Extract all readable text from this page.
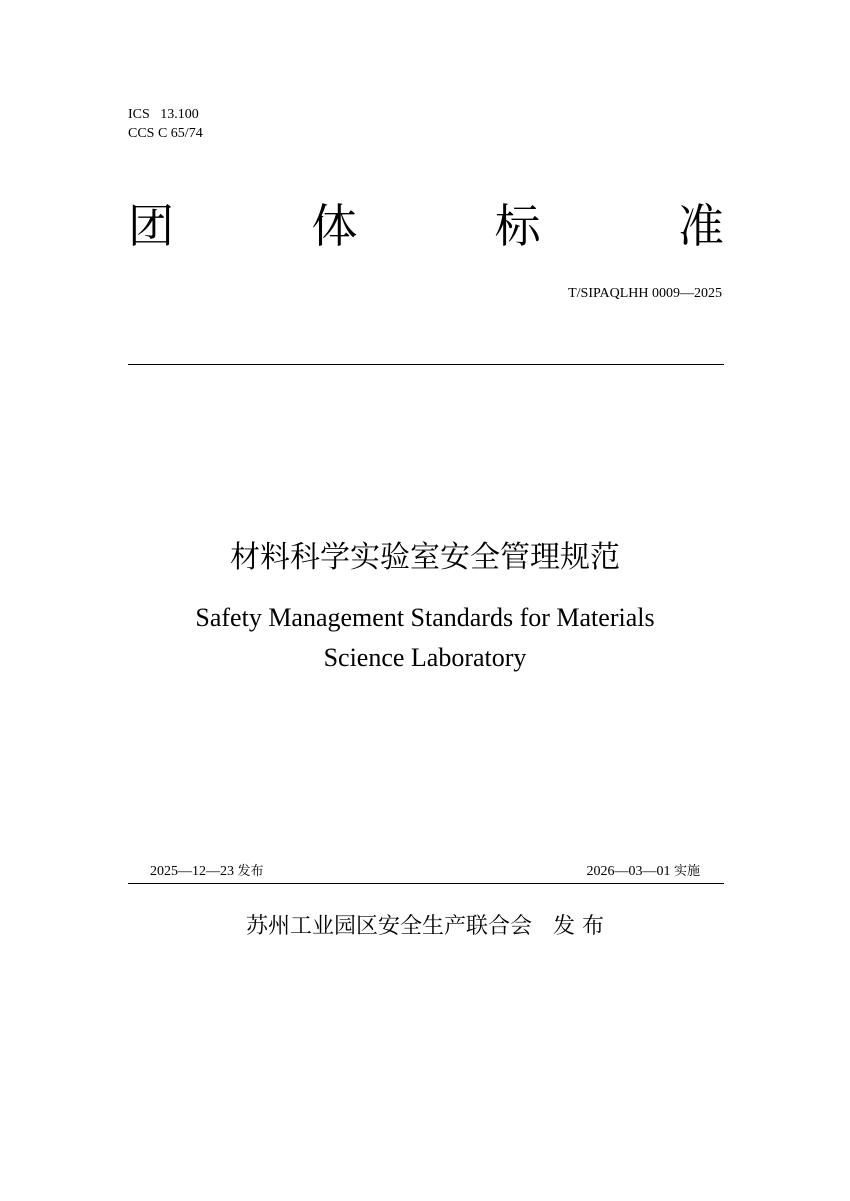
ICS   13.100
CCS C 65/74
团	体	标	准
T/SIPAQLHH 0009—2025
材料科学实验室安全管理规范
Safety Management Standards for Materials
Science Laboratory
2025—12—23 发布	2026—03—01 实施
苏州工业园区安全生产联合会 发 布
